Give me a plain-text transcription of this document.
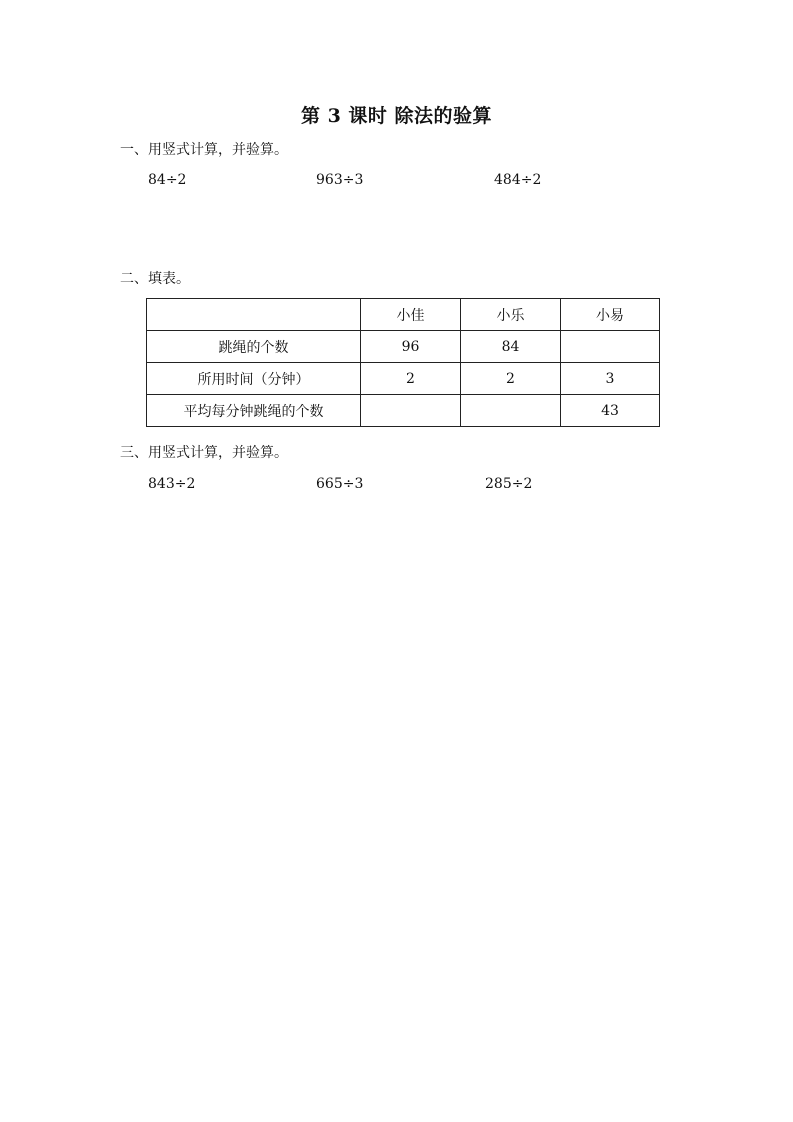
第 3 课时 除法的验算
一、用竖式计算，并验算。
84÷2	963÷3	484÷2
二、填表。
	小佳	小乐	小易
跳绳的个数	96	84	
所用时间（分钟）	2	2	3
平均每分钟跳绳的个数			43
三、用竖式计算，并验算。
843÷2	665÷3	285÷2
